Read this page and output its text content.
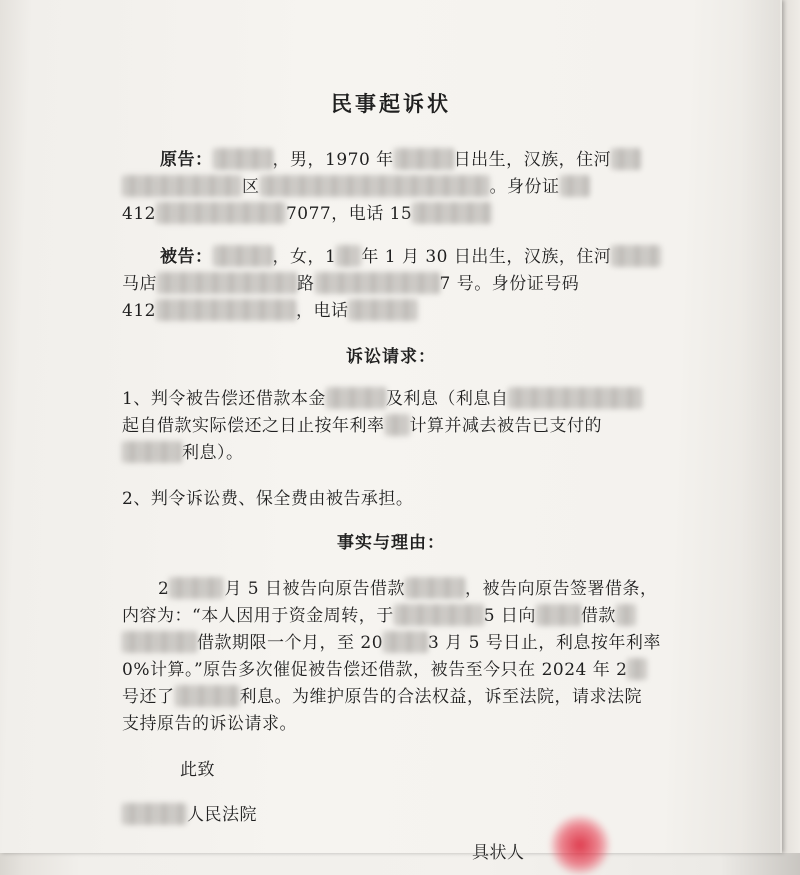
民事起诉状
原告：	，男，1970 年	日出生，汉族，住河
区	。身份证
412	7077，电话 15
被告：	，女，1 年 1 月 30 日出生，汉族，住河
马店	路	7 号。身份证号码
412	，电话
诉讼请求：
1、判令被告偿还借款本金	及利息（利息自
起自借款实际偿还之日止按年利率 计算并减去被告已支付的
利息）。
2、判令诉讼费、保全费由被告承担。
事实与理由：
2	月 5 日被告向原告借款	，被告向原告签署借条，
内容为：“本人因用于资金周转，于	5 日向	借款
借款期限一个月，至 20	3 月 5 号日止，利息按年利率
0%计算。”原告多次催促被告偿还借款，被告至今只在 2024 年 2
号还了	利息。为维护原告的合法权益，诉至法院，请求法院
支持原告的诉讼请求。
此致
人民法院
具状人
